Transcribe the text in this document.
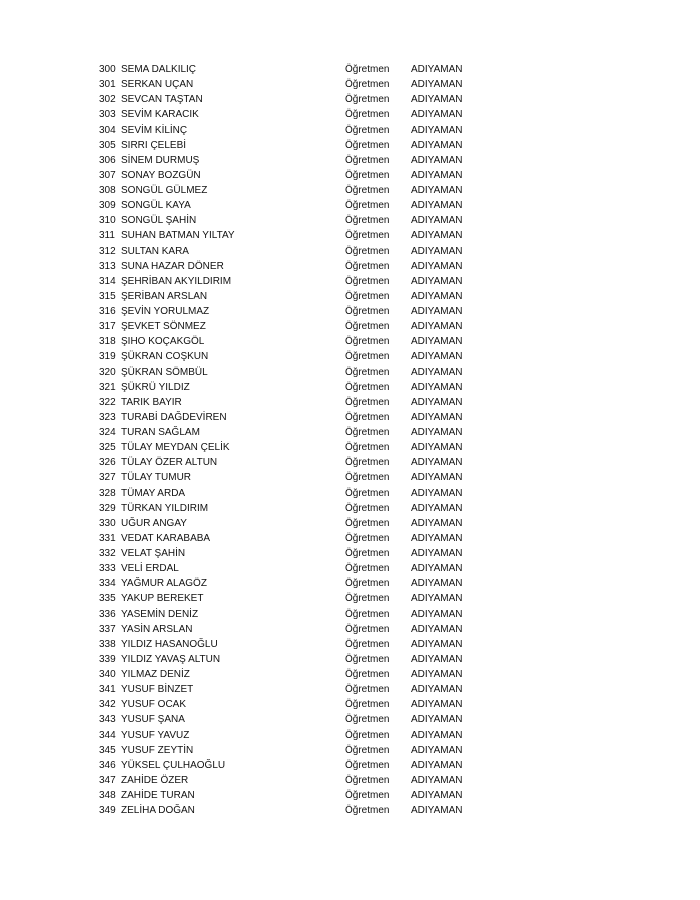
300 SEMA DALKILIÇ	Öğretmen ADIYAMAN
301 SERKAN UÇAN	Öğretmen ADIYAMAN
302 SEVCAN TAŞTAN	Öğretmen ADIYAMAN
303 SEVİM KARACIK	Öğretmen ADIYAMAN
304 SEVİM KİLİNÇ	Öğretmen ADIYAMAN
305 SIRRI ÇELEBİ	Öğretmen ADIYAMAN
306 SİNEM DURMUŞ	Öğretmen ADIYAMAN
307 SONAY BOZGÜN	Öğretmen ADIYAMAN
308 SONGÜL GÜLMEZ	Öğretmen ADIYAMAN
309 SONGÜL KAYA	Öğretmen ADIYAMAN
310 SONGÜL ŞAHİN	Öğretmen ADIYAMAN
311 SUHAN BATMAN YILTAY	Öğretmen ADIYAMAN
312 SULTAN KARA	Öğretmen ADIYAMAN
313 SUNA HAZAR DÖNER	Öğretmen ADIYAMAN
314 ŞEHRİBAN AKYILDIRIM	Öğretmen ADIYAMAN
315 ŞERİBAN ARSLAN	Öğretmen ADIYAMAN
316 ŞEVİN YORULMAZ	Öğretmen ADIYAMAN
317 ŞEVKET SÖNMEZ	Öğretmen ADIYAMAN
318 ŞIHO KOÇAKGÖL	Öğretmen ADIYAMAN
319 ŞÜKRAN COŞKUN	Öğretmen ADIYAMAN
320 ŞÜKRAN SÖMBÜL	Öğretmen ADIYAMAN
321 ŞÜKRÜ YILDIZ	Öğretmen ADIYAMAN
322 TARIK BAYIR	Öğretmen ADIYAMAN
323 TURABİ DAĞDEVİREN	Öğretmen ADIYAMAN
324 TURAN SAĞLAM	Öğretmen ADIYAMAN
325 TÜLAY MEYDAN ÇELİK	Öğretmen ADIYAMAN
326 TÜLAY ÖZER ALTUN	Öğretmen ADIYAMAN
327 TÜLAY TUMUR	Öğretmen ADIYAMAN
328 TÜMAY ARDA	Öğretmen ADIYAMAN
329 TÜRKAN YILDIRIM	Öğretmen ADIYAMAN
330 UĞUR ANGAY	Öğretmen ADIYAMAN
331 VEDAT KARABABA	Öğretmen ADIYAMAN
332 VELAT ŞAHİN	Öğretmen ADIYAMAN
333 VELİ ERDAL	Öğretmen ADIYAMAN
334 YAĞMUR ALAGÖZ	Öğretmen ADIYAMAN
335 YAKUP BEREKET	Öğretmen ADIYAMAN
336 YASEMİN DENİZ	Öğretmen ADIYAMAN
337 YASİN ARSLAN	Öğretmen ADIYAMAN
338 YILDIZ HASANOĞLU	Öğretmen ADIYAMAN
339 YILDIZ YAVAŞ ALTUN	Öğretmen ADIYAMAN
340 YILMAZ DENİZ	Öğretmen ADIYAMAN
341 YUSUF BİNZET	Öğretmen ADIYAMAN
342 YUSUF OCAK	Öğretmen ADIYAMAN
343 YUSUF ŞANA	Öğretmen ADIYAMAN
344 YUSUF YAVUZ	Öğretmen ADIYAMAN
345 YUSUF ZEYTİN	Öğretmen ADIYAMAN
346 YÜKSEL ÇULHAOĞLU	Öğretmen ADIYAMAN
347 ZAHİDE ÖZER	Öğretmen ADIYAMAN
348 ZAHİDE TURAN	Öğretmen ADIYAMAN
349 ZELİHA DOĞAN	Öğretmen ADIYAMAN
